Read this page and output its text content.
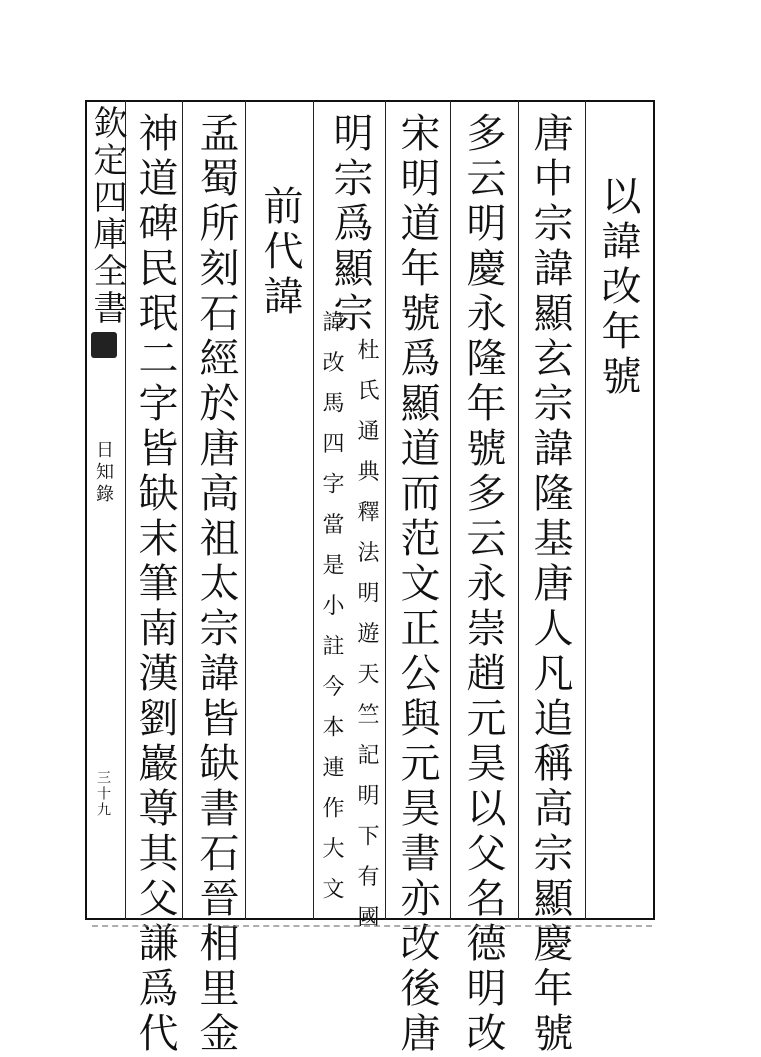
欽定四庫全書
日知錄
三十九
以諱改年號
唐中宗諱顯玄宗諱隆基唐人凡追稱高宗顯慶年號
多云明慶永隆年號多云永崇趙元昊以父名德明改
宋明道年號爲顯道而范文正公與元昊書亦改後唐
明宗爲顯宗
杜氏通典釋法明遊天竺記明下有國
諱改馬四字當是小註今本連作大文
前代諱
孟蜀所刻石經於唐高祖太宗諱皆缺書石晉相里金
神道碑民珉二字皆缺末筆南漢劉巖尊其父謙爲代
